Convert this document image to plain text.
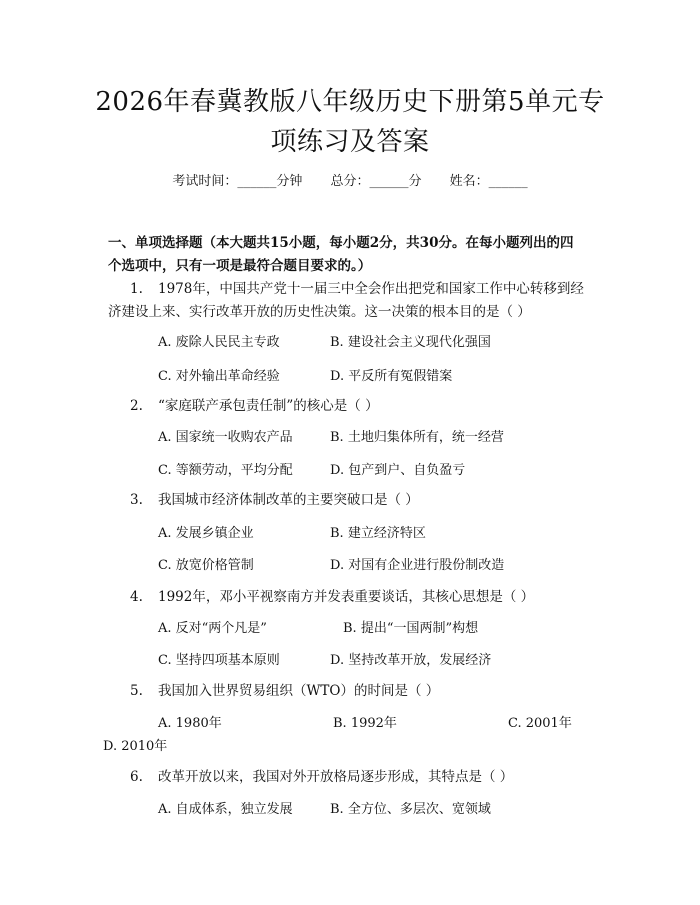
2026年春冀教版八年级历史下册第5单元专
项练习及答案
考试时间：______分钟 总分：______分 姓名：______
一、单项选择题（本大题共15小题，每小题2分，共30分。在每小题列出的四
个选项中，只有一项是最符合题目要求的。）
1. 1978年，中国共产党十一届三中全会作出把党和国家工作中心转移到经
济建设上来、实行改革开放的历史性决策。这一决策的根本目的是（ ）
A. 废除人民民主专政	B. 建设社会主义现代化强国
C. 对外输出革命经验	D. 平反所有冤假错案
2. “家庭联产承包责任制”的核心是（ ）
A. 国家统一收购农产品	B. 土地归集体所有，统一经营
C. 等额劳动，平均分配	D. 包产到户、自负盈亏
3. 我国城市经济体制改革的主要突破口是（ ）
A. 发展乡镇企业	B. 建立经济特区
C. 放宽价格管制	D. 对国有企业进行股份制改造
4. 1992年，邓小平视察南方并发表重要谈话，其核心思想是（ ）
A. 反对“两个凡是”	B. 提出“一国两制”构想
C. 坚持四项基本原则	D. 坚持改革开放，发展经济
5. 我国加入世界贸易组织（WTO）的时间是（ ）
A. 1980年	B. 1992年	C. 2001年
D. 2010年
6. 改革开放以来，我国对外开放格局逐步形成，其特点是（ ）
A. 自成体系，独立发展	B. 全方位、多层次、宽领域
